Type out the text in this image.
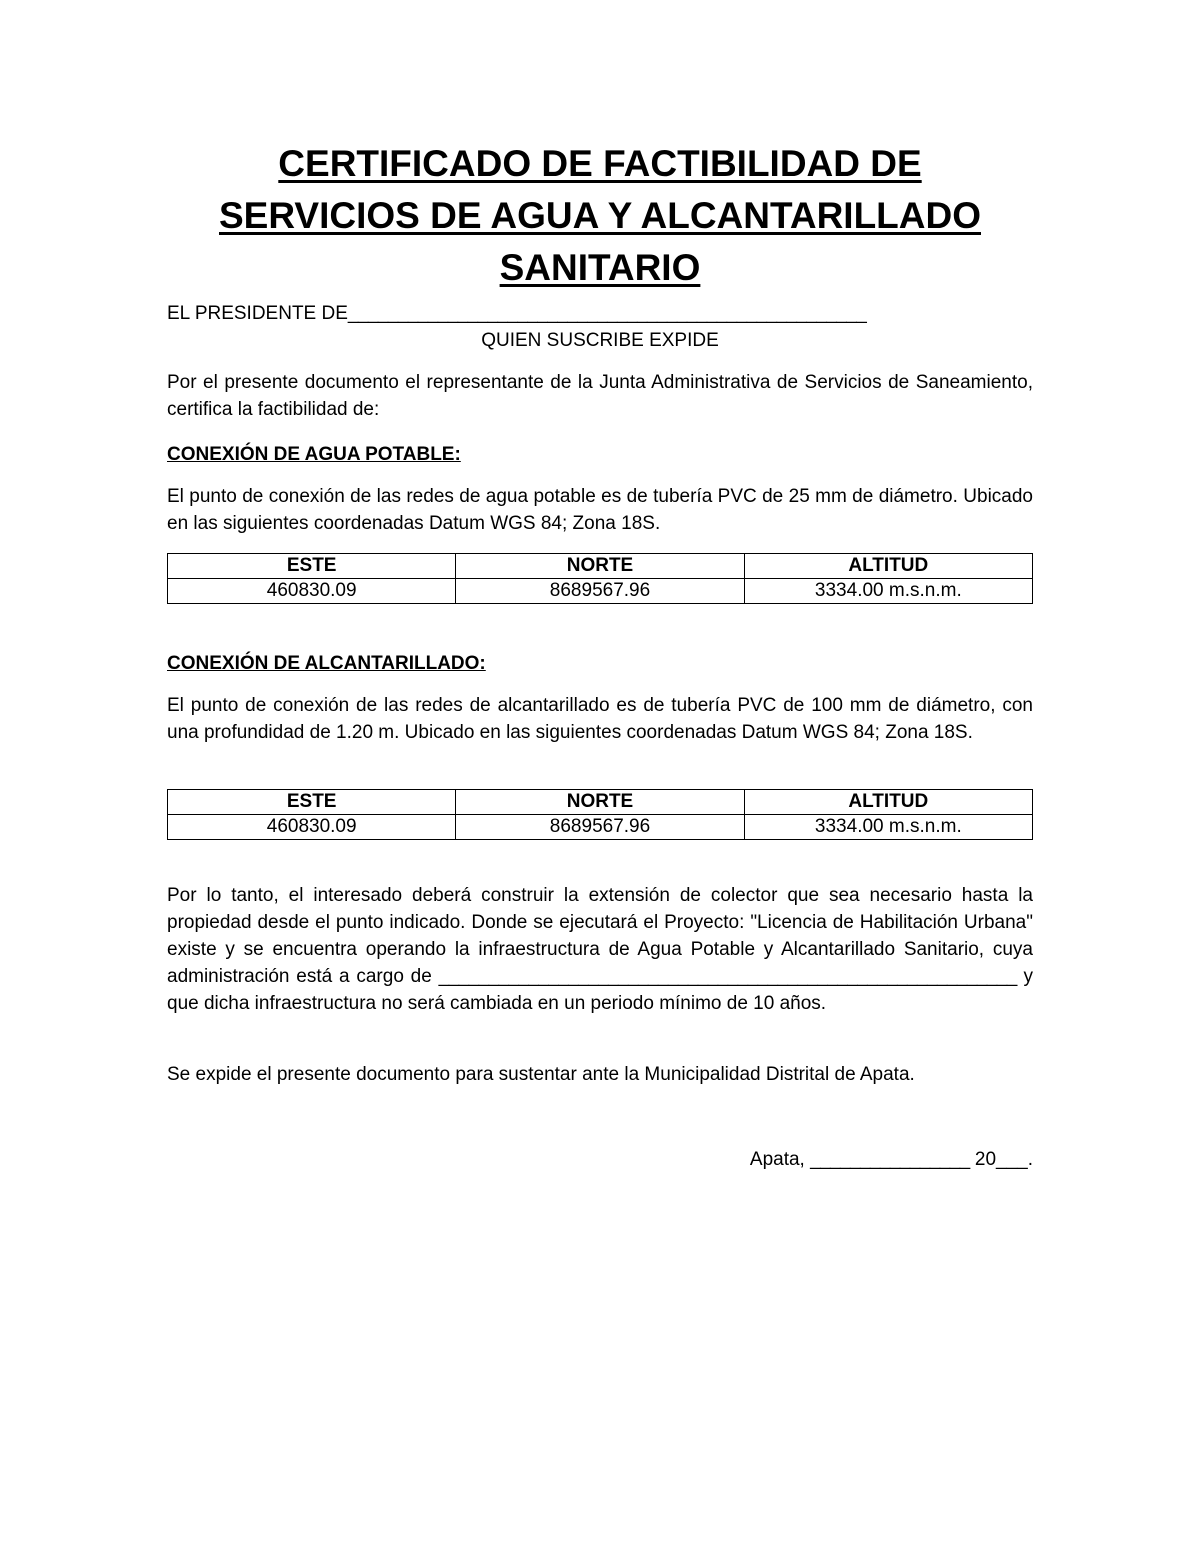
CERTIFICADO DE FACTIBILIDAD DE
SERVICIOS DE AGUA Y ALCANTARILLADO
SANITARIO
EL PRESIDENTE DE____________________________________________________
QUIEN SUSCRIBE EXPIDE
Por el presente documento el representante de la Junta Administrativa de Servicios de Saneamiento, certifica la factibilidad de:
CONEXIÓN DE AGUA POTABLE:
El punto de conexión de las redes de agua potable es de tubería PVC de 25 mm de diámetro. Ubicado en las siguientes coordenadas Datum WGS 84; Zona 18S.
ESTE	NORTE	ALTITUD
460830.09	8689567.96	3334.00 m.s.n.m.
CONEXIÓN DE ALCANTARILLADO:
El punto de conexión de las redes de alcantarillado es de tubería PVC de 100 mm de diámetro, con una profundidad de 1.20 m. Ubicado en las siguientes coordenadas Datum WGS 84; Zona 18S.
ESTE	NORTE	ALTITUD
460830.09	8689567.96	3334.00 m.s.n.m.
Por lo tanto, el interesado deberá construir la extensión de colector que sea necesario hasta la propiedad desde el punto indicado. Donde se ejecutará el Proyecto: "Licencia de Habilitación Urbana" existe y se encuentra operando la infraestructura de Agua Potable y Alcantarillado Sanitario, cuya administración está a cargo de __________________________________________________________ y que dicha infraestructura no será cambiada en un periodo mínimo de 10 años.
Se expide el presente documento para sustentar ante la Municipalidad Distrital de Apata.
Apata, ________________ 20___.
